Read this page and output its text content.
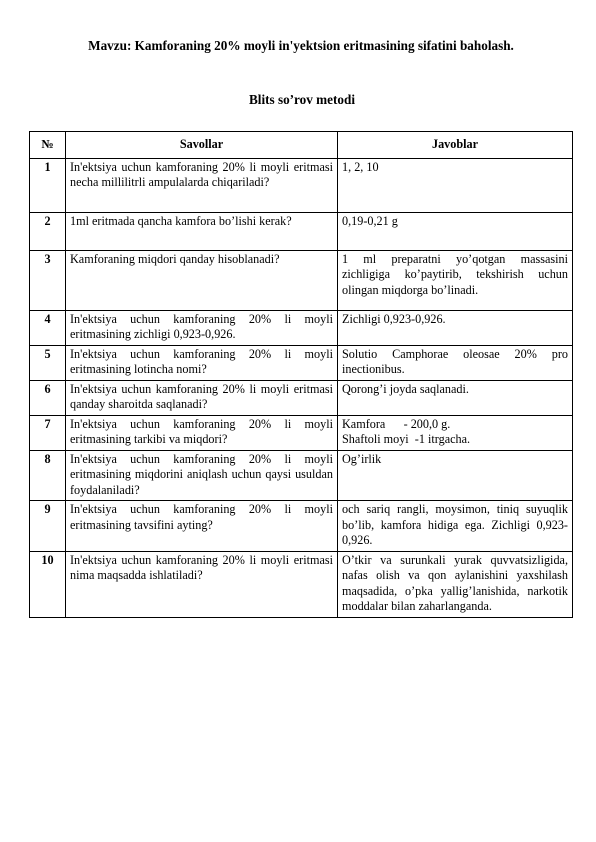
Mavzu: Kamforaning 20% moyli in'yektsion eritmasining sifatini baholash.
Blits so’rov metodi
№	Savollar	Javoblar
1	In'ektsiya uchun kamforaning 20% li moyli eritmasi necha millilitrli ampulalarda chiqariladi?	1, 2, 10
2	1ml eritmada qancha kamfora bo’lishi kerak?	0,19-0,21 g
3	Kamforaning miqdori qanday hisoblanadi?	1 ml preparatni yo’qotgan massasini zichligiga ko’paytirib, tekshirish uchun olingan miqdorga bo’linadi.
4	In'ektsiya uchun kamforaning 20% li moyli eritmasining zichligi 0,923-0,926.	Zichligi 0,923-0,926.
5	In'ektsiya uchun kamforaning 20% li moyli eritmasining lotincha nomi?	Solutio Camphorae oleosae 20% pro inectionibus.
6	In'ektsiya uchun kamforaning 20% li moyli eritmasi qanday sharoitda saqlanadi?	Qorong’i joyda saqlanadi.
7	In'ektsiya uchun kamforaning 20% li moyli eritmasining tarkibi va miqdori?	Kamfora      - 200,0 g.
Shaftoli moyi  -1 itrgacha.

8	In'ektsiya uchun kamforaning 20% li moyli eritmasining miqdorini aniqlash uchun qaysi usuldan foydalaniladi?	Og’irlik
9	In'ektsiya uchun kamforaning 20% li moyli eritmasining tavsifini ayting?	och sariq rangli, moysimon, tiniq suyuqlik bo’lib, kamfora hidiga ega. Zichligi 0,923-0,926.
10	In'ektsiya uchun kamforaning 20% li moyli eritmasi nima maqsadda ishlatiladi?	O’tkir va surunkali yurak quvvatsizligida, nafas olish va qon aylanishini yaxshilash maqsadida, o’pka yallig’lanishida, narkotik moddalar bilan zaharlanganda.
